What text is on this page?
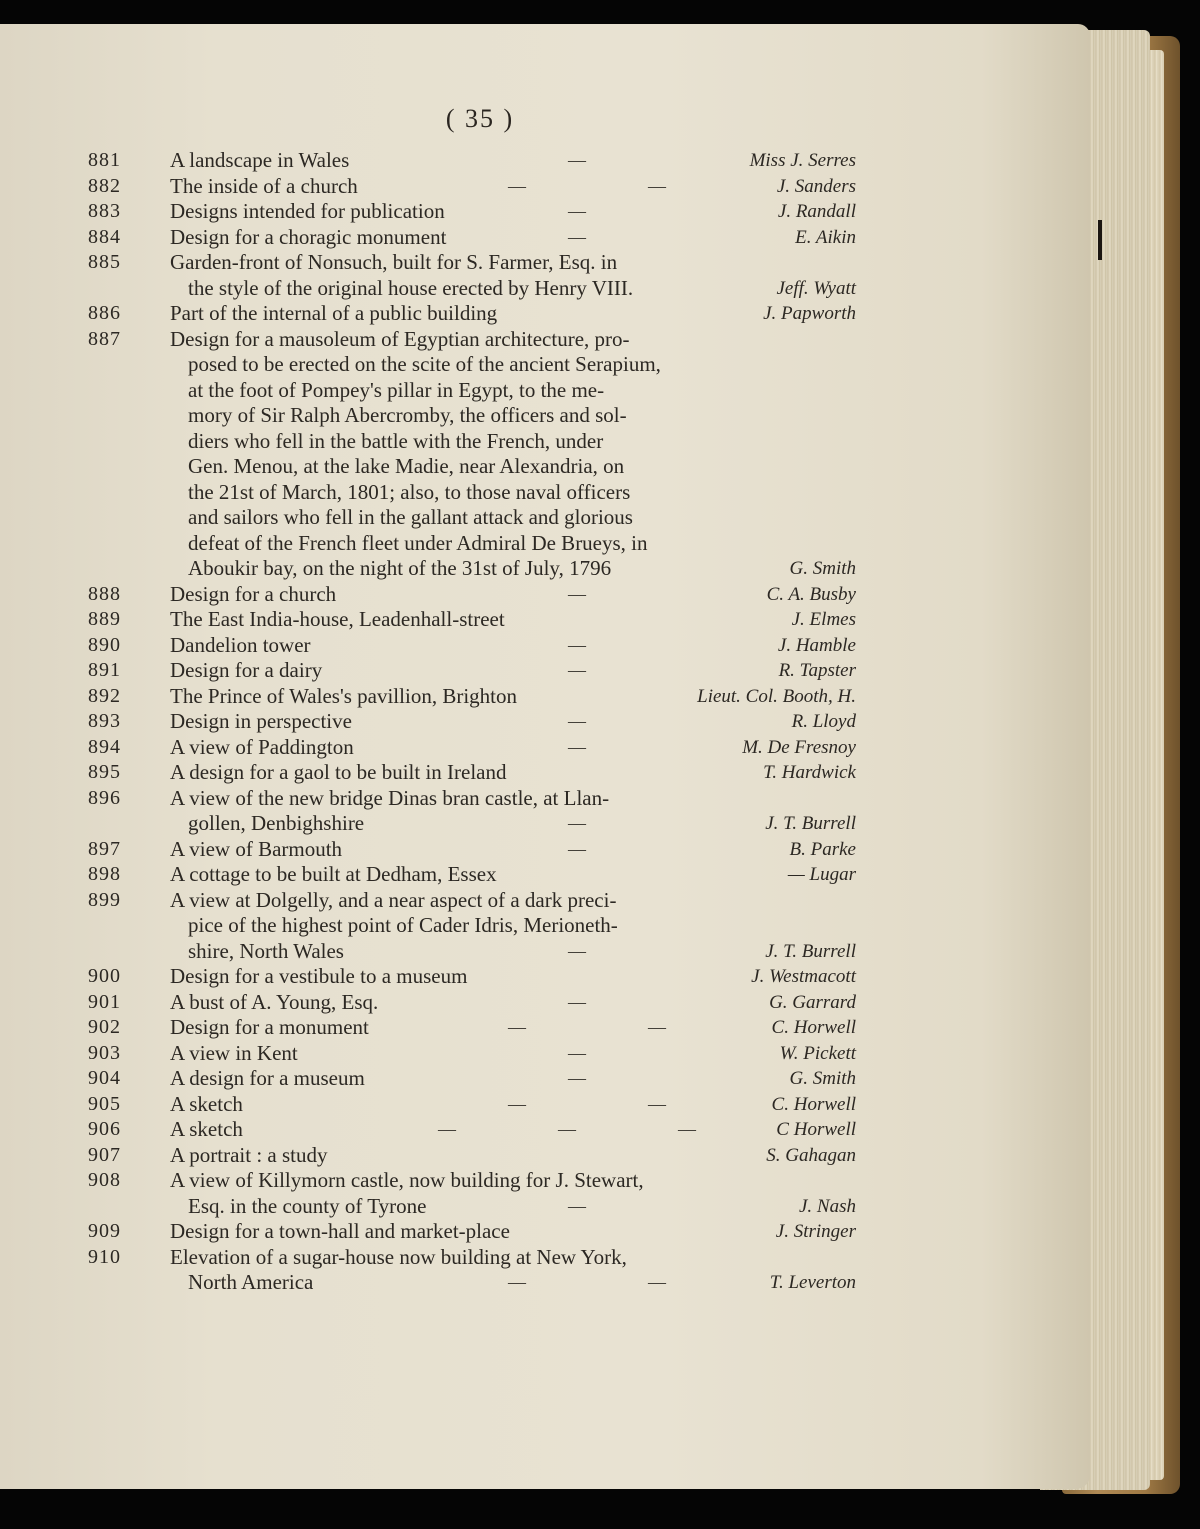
( 35 )
881	A landscape in Wales	—	Miss J. Serres
882	The inside of a church	—	—	J. Sanders
883	Designs intended for publication	—	J. Randall
884	Design for a choragic monument	—	E. Aikin
885	Garden-front of Nonsuch, built for S. Farmer, Esq. in
the style of the original house erected by Henry VIII.	Jeff. Wyatt
886	Part of the internal of a public building	J. Papworth
887	Design for a mausoleum of Egyptian architecture, pro-
posed to be erected on the scite of the ancient Serapium,
at the foot of Pompey's pillar in Egypt, to the me-
mory of Sir Ralph Abercromby, the officers and sol-
diers who fell in the battle with the French, under
Gen. Menou, at the lake Madie, near Alexandria, on
the 21st of March, 1801; also, to those naval officers
and sailors who fell in the gallant attack and glorious
defeat of the French fleet under Admiral De Brueys, in
Aboukir bay, on the night of the 31st of July, 1796	G. Smith
888	Design for a church	—	C. A. Busby
889	The East India-house, Leadenhall-street	J. Elmes
890	Dandelion tower	—	J. Hamble
891	Design for a dairy	—	R. Tapster
892	The Prince of Wales's pavillion, Brighton	Lieut. Col. Booth, H.
893	Design in perspective	—	R. Lloyd
894	A view of Paddington	—	M. De Fresnoy
895	A design for a gaol to be built in Ireland	T. Hardwick
896	A view of the new bridge Dinas bran castle, at Llan-
gollen, Denbighshire	—	J. T. Burrell
897	A view of Barmouth	—	B. Parke
898	A cottage to be built at Dedham, Essex	— Lugar
899	A view at Dolgelly, and a near aspect of a dark preci-
pice of the highest point of Cader Idris, Merioneth-
shire, North Wales	—	J. T. Burrell
900	Design for a vestibule to a museum	J. Westmacott
901	A bust of A. Young, Esq.	—	G. Garrard
902	Design for a monument	—	—	C. Horwell
903	A view in Kent	—	W. Pickett
904	A design for a museum	—	G. Smith
905	A sketch	—	—	C. Horwell
906	A sketch	—	—	—	C Horwell
907	A portrait : a study	S. Gahagan
908	A view of Killymorn castle, now building for J. Stewart,
Esq. in the county of Tyrone	—	J. Nash
909	Design for a town-hall and market-place	J. Stringer
910	Elevation of a sugar-house now building at New York,
North America	—	—	T. Leverton
